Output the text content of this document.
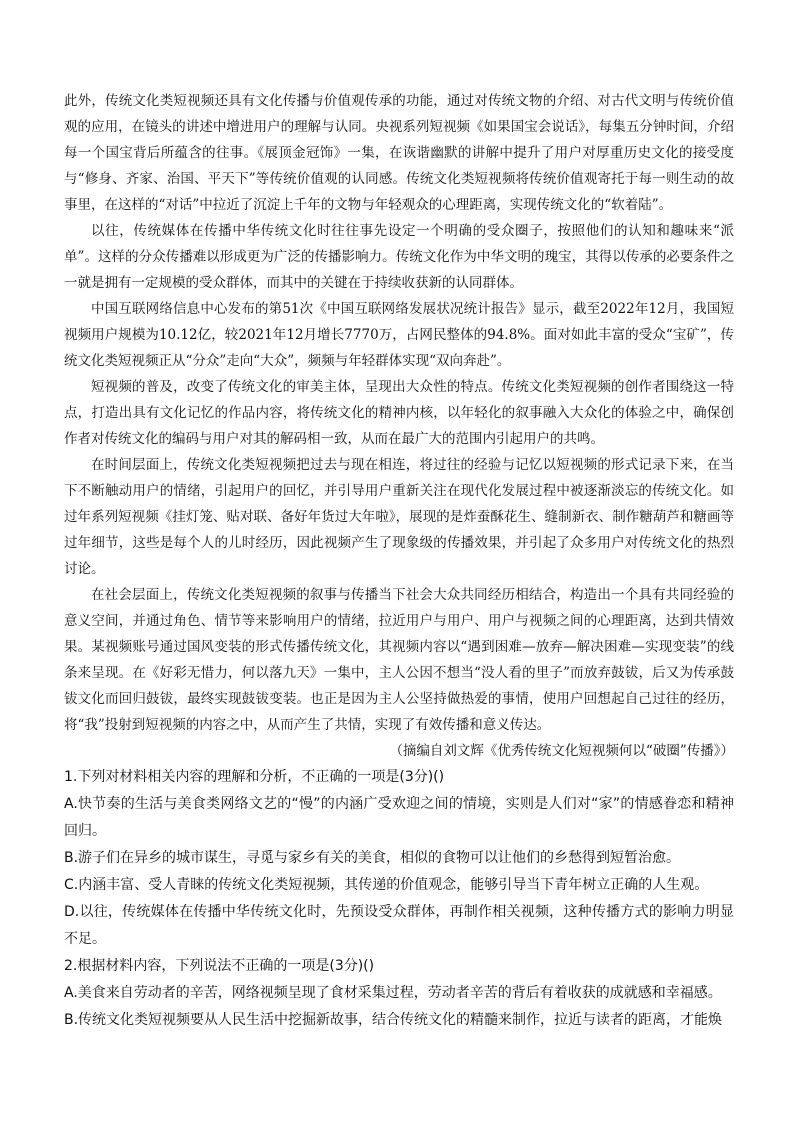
此外，传统文化类短视频还具有文化传播与价值观传承的功能，通过对传统文物的介绍、对古代文明与传统价值观的应用，在镜头的讲述中增进用户的理解与认同。央视系列短视频《如果国宝会说话》，每集五分钟时间，介绍每一个国宝背后所蕴含的往事。《展顶金冠饰》一集，在诙谐幽默的讲解中提升了用户对厚重历史文化的接受度与“修身、齐家、治国、平天下”等传统价值观的认同感。传统文化类短视频将传统价值观寄托于每一则生动的故事里，在这样的“对话”中拉近了沉淀上千年的文物与年轻观众的心理距离，实现传统文化的“软着陆”。

以往，传统媒体在传播中华传统文化时往往事先设定一个明确的受众圈子，按照他们的认知和趣味来“派单”。这样的分众传播难以形成更为广泛的传播影响力。传统文化作为中华文明的瑰宝，其得以传承的必要条件之一就是拥有一定规模的受众群体，而其中的关键在于持续收获新的认同群体。

中国互联网络信息中心发布的第51次《中国互联网络发展状况统计报告》显示，截至2022年12月，我国短视频用户规模为10.12亿，较2021年12月增长7770万，占网民整体的94.8%。面对如此丰富的受众“宝矿”，传统文化类短视频正从“分众”走向“大众”，频频与年轻群体实现“双向奔赴”。

短视频的普及，改变了传统文化的审美主体，呈现出大众性的特点。传统文化类短视频的创作者围绕这一特点，打造出具有文化记忆的作品内容，将传统文化的精神内核，以年轻化的叙事融入大众化的体验之中，确保创作者对传统文化的编码与用户对其的解码相一致，从而在最广大的范围内引起用户的共鸣。

在时间层面上，传统文化类短视频把过去与现在相连，将过往的经验与记忆以短视频的形式记录下来，在当下不断触动用户的情绪，引起用户的回忆，并引导用户重新关注在现代化发展过程中被逐渐淡忘的传统文化。如过年系列短视频《挂灯笼、贴对联、备好年货过大年啦》，展现的是炸蚕酥花生、缝制新衣、制作糖葫芦和糖画等过年细节，这些是每个人的儿时经历，因此视频产生了现象级的传播效果，并引起了众多用户对传统文化的热烈讨论。

在社会层面上，传统文化类短视频的叙事与传播当下社会大众共同经历相结合，构造出一个具有共同经验的意义空间，并通过角色、情节等来影响用户的情绪，拉近用户与用户、用户与视频之间的心理距离，达到共情效果。某视频账号通过国风变装的形式传播传统文化，其视频内容以“遇到困难—放弃—解决困难—实现变装”的线条来呈现。在《好彩无惜力，何以落九天》一集中，主人公因不想当“没人看的里子”而放弃鼓钹，后又为传承鼓钹文化而回归鼓钹，最终实现鼓钹变装。也正是因为主人公坚持做热爱的事情，使用户回想起自己过往的经历，将“我”投射到短视频的内容之中，从而产生了共情，实现了有效传播和意义传达。

（摘编自刘文辉《优秀传统文化短视频何以“破圈”传播》）

1.下列对材料相关内容的理解和分析，不正确的一项是(3分)()

A.快节奏的生活与美食类网络文艺的“慢”的内涵广受欢迎之间的情境，实则是人们对“家”的情感眷恋和精神回归。

B.游子们在异乡的城市谋生，寻觅与家乡有关的美食，相似的食物可以让他们的乡愁得到短暂治愈。

C.内涵丰富、受人青睐的传统文化类短视频，其传递的价值观念，能够引导当下青年树立正确的人生观。

D.以往，传统媒体在传播中华传统文化时，先预设受众群体，再制作相关视频，这种传播方式的影响力明显不足。

2.根据材料内容，下列说法不正确的一项是(3分)()

A.美食来自劳动者的辛苦，网络视频呈现了食材采集过程，劳动者辛苦的背后有着收获的成就感和幸福感。

B.传统文化类短视频要从人民生活中挖掘新故事，结合传统文化的精髓来制作，拉近与读者的距离，才能焕
